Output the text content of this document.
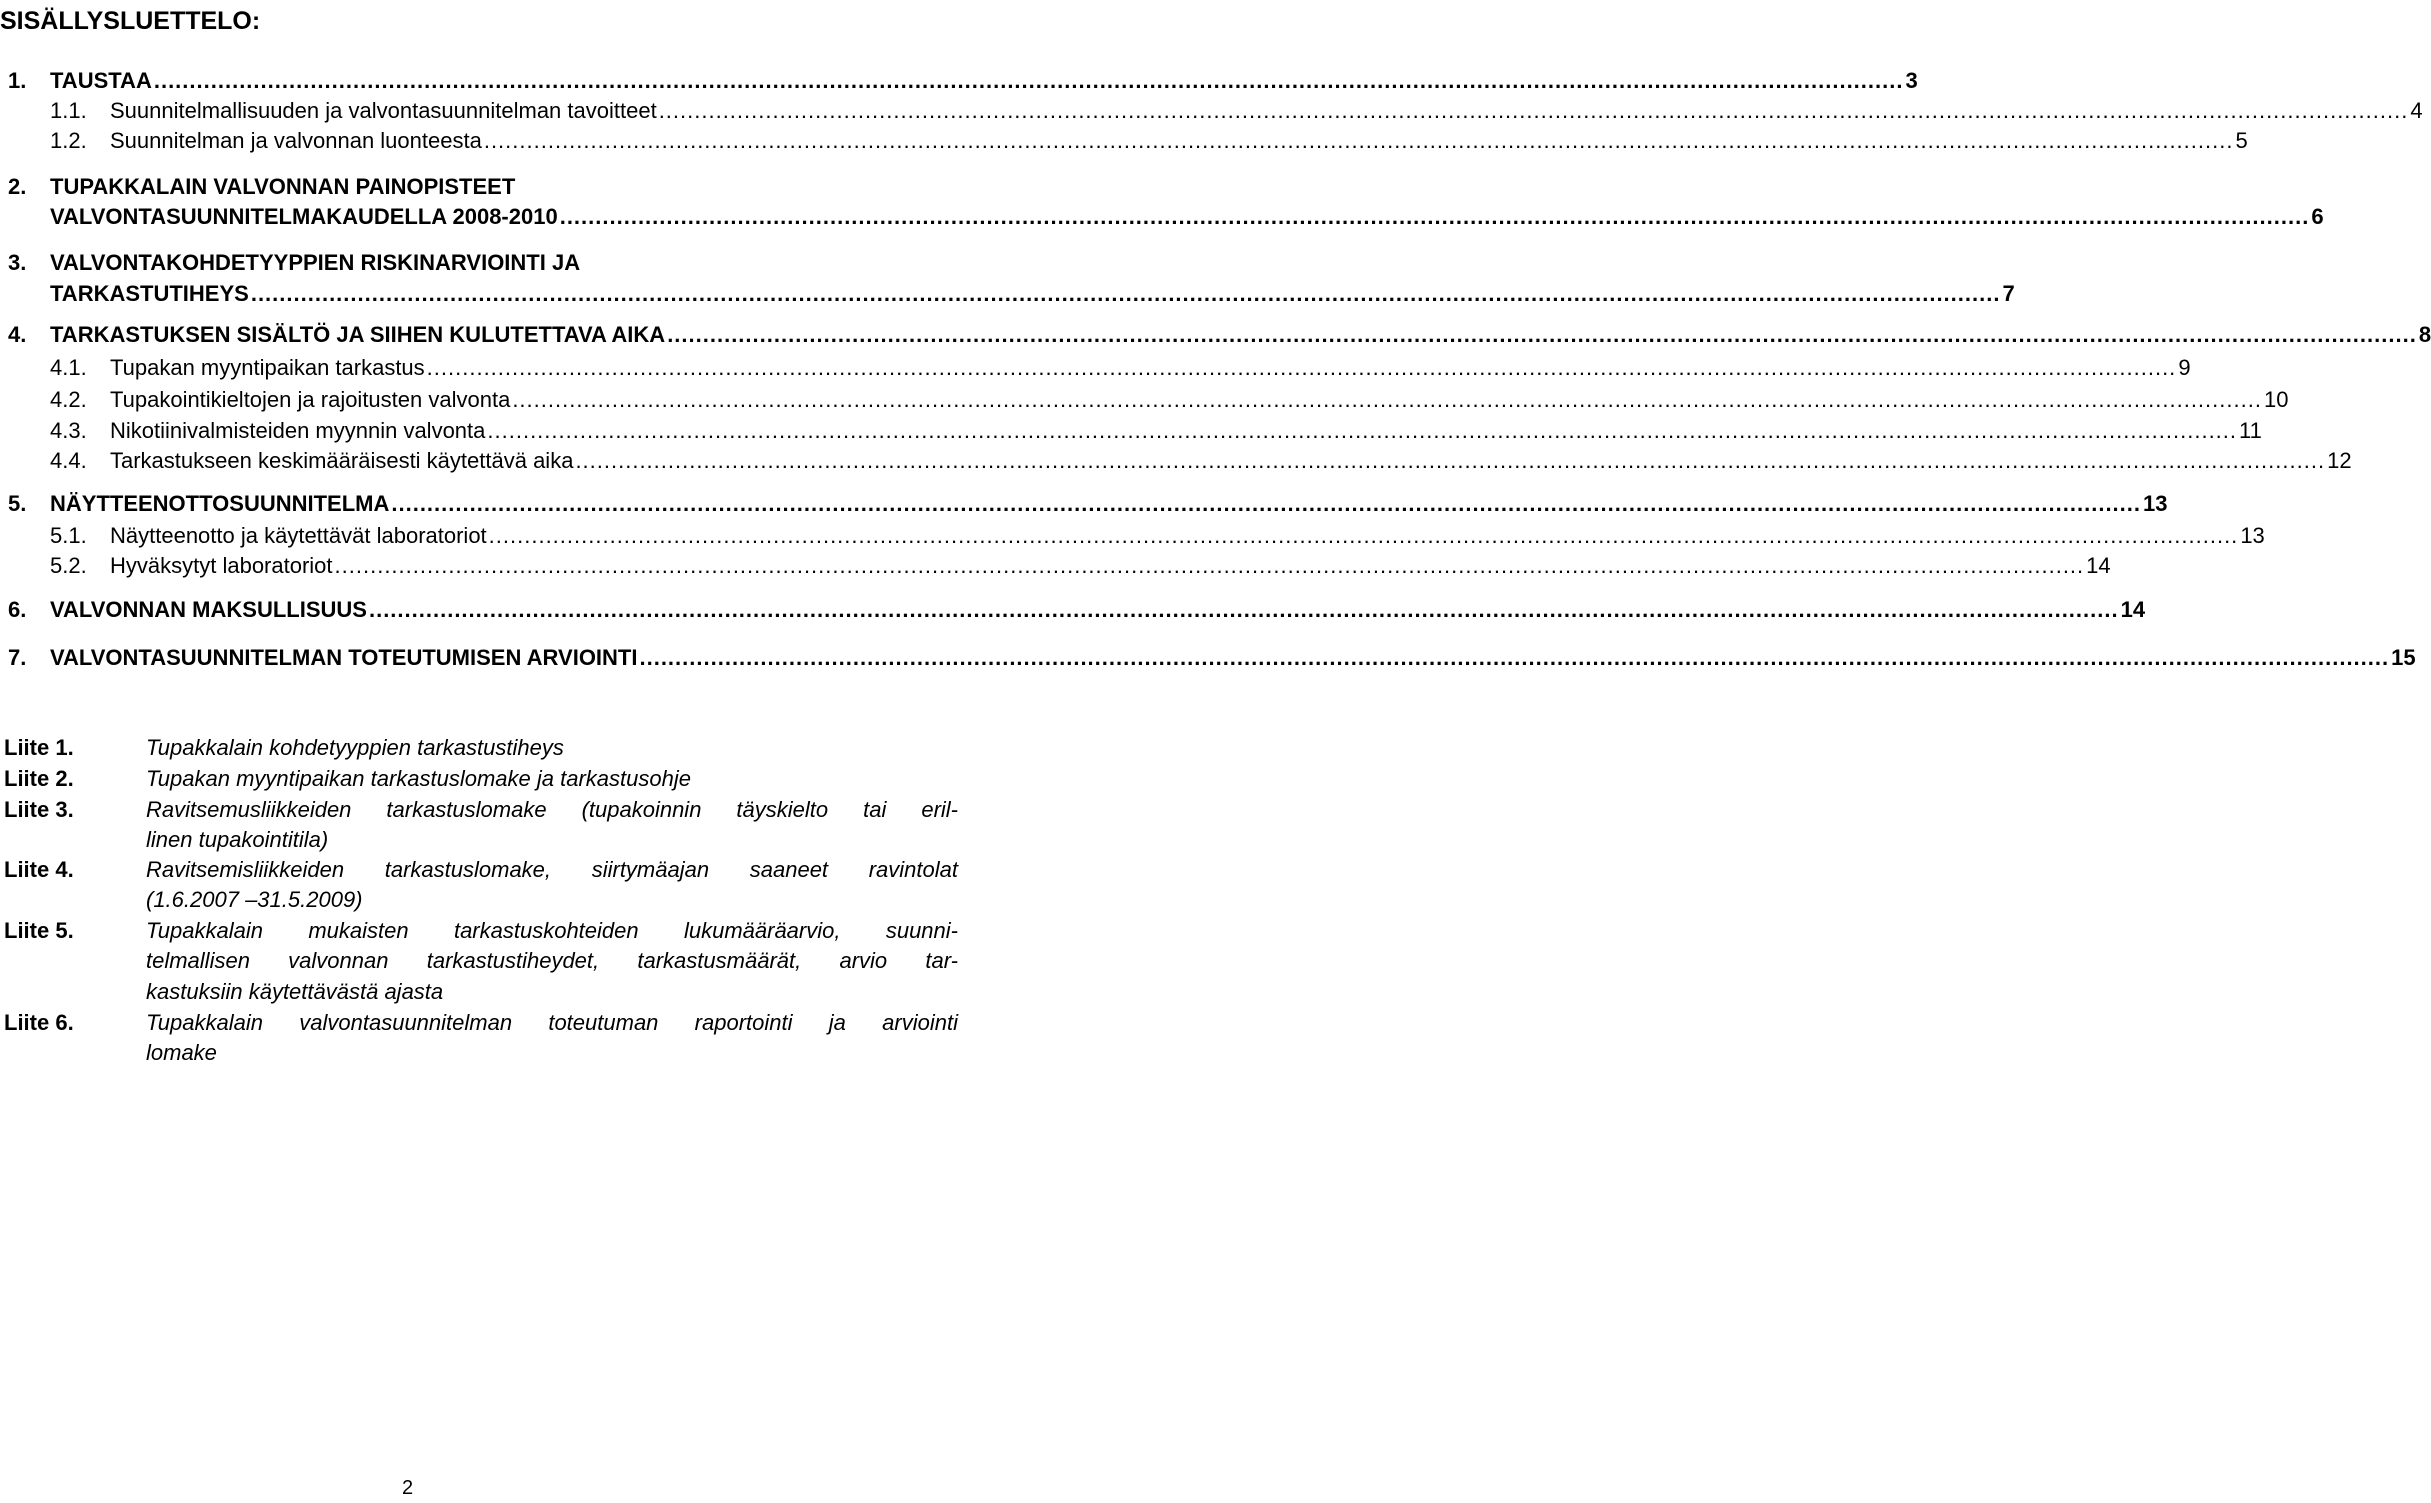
SISÄLLYSLUETTELO:
1. TAUSTAA ...................................................................................................................................................................................................................................................... 3
1.1. Suunnitelmallisuuden ja valvontasuunnitelman tavoitteet ...................................................................................................................................................................................................................................................... 4
1.2. Suunnitelman ja valvonnan luonteesta ...................................................................................................................................................................................................................................................... 5
2. TUPAKKALAIN VALVONNAN PAINOPISTEET
VALVONTASUUNNITELMAKAUDELLA 2008-2010 ...................................................................................................................................................................................................................................................... 6
3. VALVONTAKOHDETYYPPIEN RISKINARVIOINTI JA
TARKASTUTIHEYS ...................................................................................................................................................................................................................................................... 7
4. TARKASTUKSEN SISÄLTÖ JA SIIHEN KULUTETTAVA AIKA ...................................................................................................................................................................................................................................................... 8
4.1. Tupakan myyntipaikan tarkastus ...................................................................................................................................................................................................................................................... 9
4.2. Tupakointikieltojen ja rajoitusten valvonta ...................................................................................................................................................................................................................................................... 10
4.3. Nikotiinivalmisteiden myynnin valvonta ...................................................................................................................................................................................................................................................... 11
4.4. Tarkastukseen keskimääräisesti käytettävä aika ...................................................................................................................................................................................................................................................... 12
5. NÄYTTEENOTTOSUUNNITELMA ...................................................................................................................................................................................................................................................... 13
5.1. Näytteenotto ja käytettävät laboratoriot ...................................................................................................................................................................................................................................................... 13
5.2. Hyväksytyt laboratoriot ...................................................................................................................................................................................................................................................... 14
6. VALVONNAN MAKSULLISUUS ...................................................................................................................................................................................................................................................... 14
7. VALVONTASUUNNITELMAN TOTEUTUMISEN ARVIOINTI ...................................................................................................................................................................................................................................................... 15
Liite 1.	Tupakkalain kohdetyyppien tarkastustiheys
Liite 2.	Tupakan myyntipaikan tarkastuslomake ja tarkastusohje
Liite 3.	Ravitsemusliikkeiden tarkastuslomake (tupakoinnin täyskielto tai eril-
linen tupakointitila)
Liite 4.	Ravitsemisliikkeiden tarkastuslomake, siirtymäajan saaneet ravintolat
(1.6.2007 –31.5.2009)
Liite 5.	Tupakkalain mukaisten tarkastuskohteiden lukumääräarvio, suunni-
telmallisen valvonnan tarkastustiheydet, tarkastusmäärät, arvio tar-
kastuksiin käytettävästä ajasta
Liite 6.	Tupakkalain valvontasuunnitelman toteutuman raportointi ja arviointi
lomake
2
